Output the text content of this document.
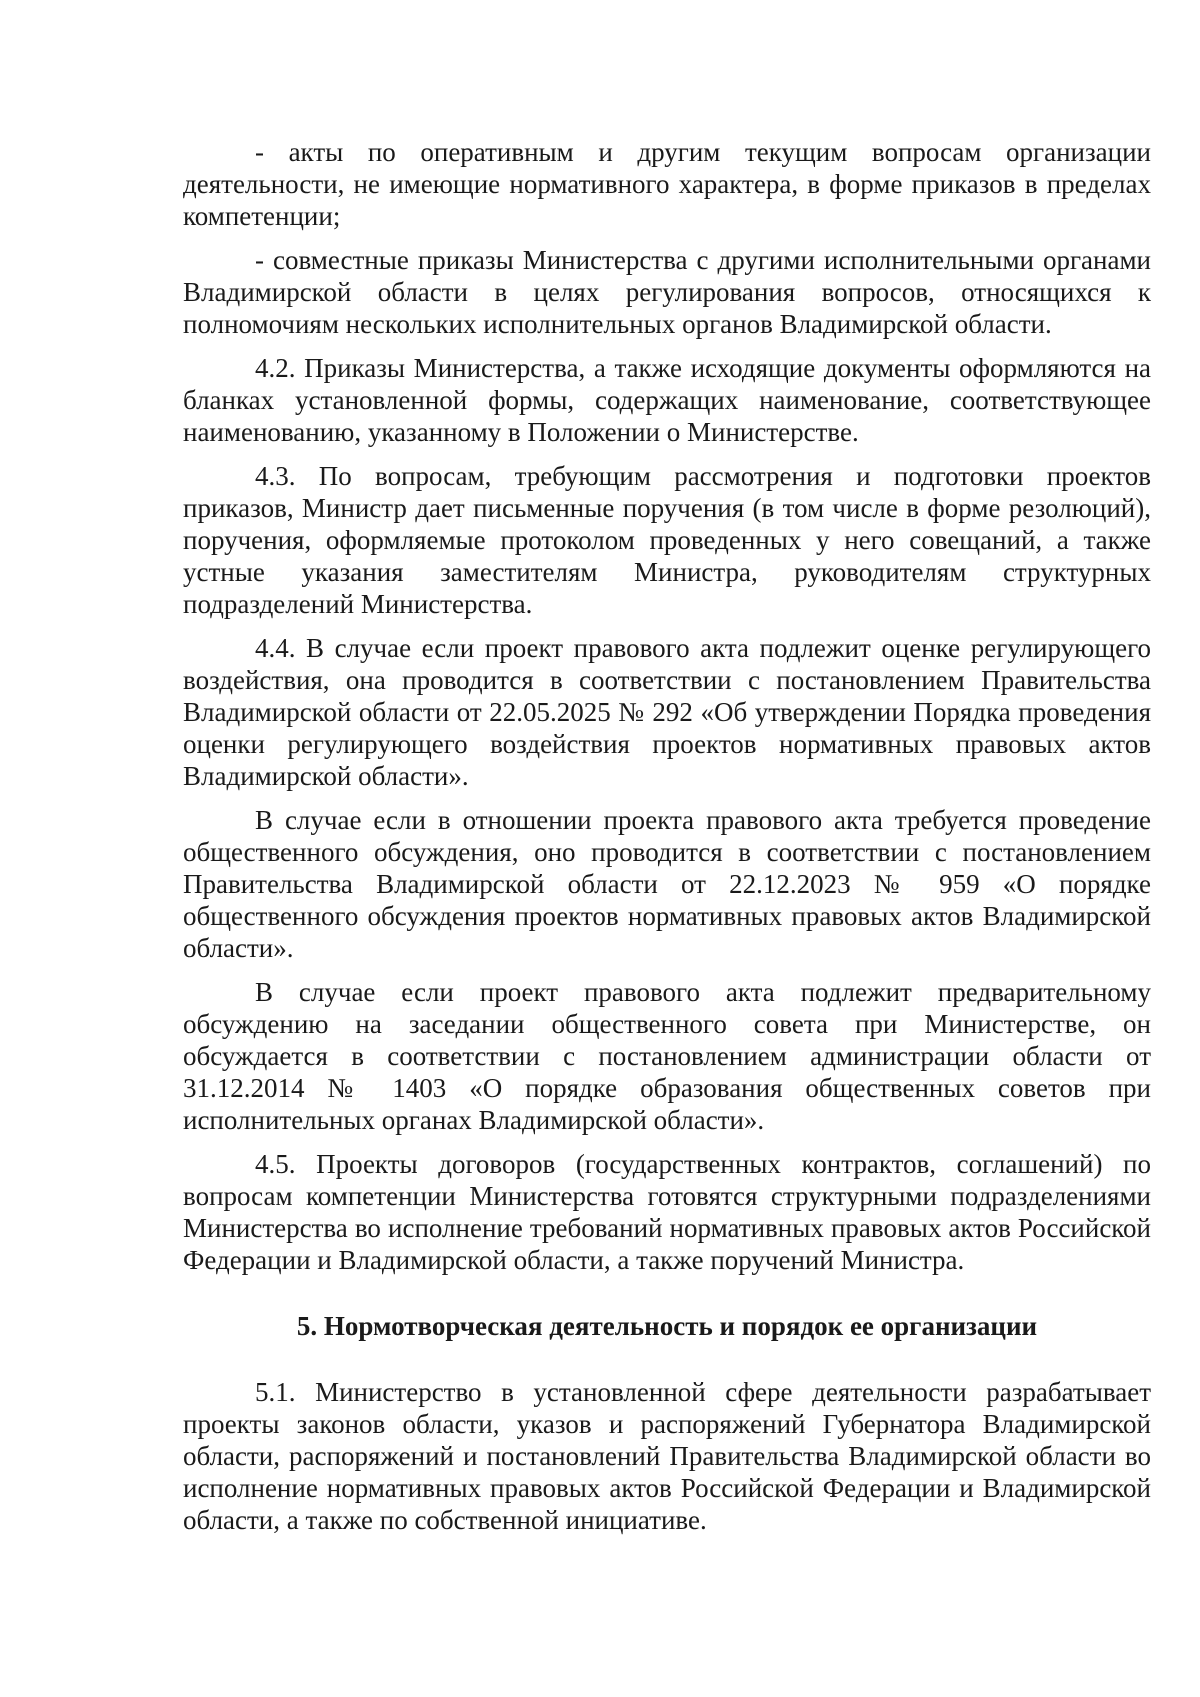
- акты по оперативным и другим текущим вопросам организации деятельности, не имеющие нормативного характера, в форме приказов в пределах компетенции;

- совместные приказы Министерства с другими исполнительными органами Владимирской области в целях регулирования вопросов, относящихся к полномочиям нескольких исполнительных органов Владимирской области.

4.2. Приказы Министерства, а также исходящие документы оформляются на бланках установленной формы, содержащих наименование, соответствующее наименованию, указанному в Положении о Министерстве.

4.3. По вопросам, требующим рассмотрения и подготовки проектов приказов, Министр дает письменные поручения (в том числе в форме резолюций), поручения, оформляемые протоколом проведенных у него совещаний, а также устные указания заместителям Министра, руководителям структурных подразделений Министерства.

4.4. В случае если проект правового акта подлежит оценке регулирующего воздействия, она проводится в соответствии с постановлением Правительства Владимирской области от 22.05.2025 № 292 «Об утверждении Порядка проведения оценки регулирующего воздействия проектов нормативных правовых актов Владимирской области».

В случае если в отношении проекта правового акта требуется проведение общественного обсуждения, оно проводится в соответствии с постановлением Правительства Владимирской области от 22.12.2023 № 959 «О порядке общественного обсуждения проектов нормативных правовых актов Владимирской области».

В случае если проект правового акта подлежит предварительному обсуждению на заседании общественного совета при Министерстве, он обсуждается в соответствии с постановлением администрации области от 31.12.2014 № 1403 «О порядке образования общественных советов при исполнительных органах Владимирской области».

4.5. Проекты договоров (государственных контрактов, соглашений) по вопросам компетенции Министерства готовятся структурными подразделениями Министерства во исполнение требований нормативных правовых актов Российской Федерации и Владимирской области, а также поручений Министра.

5. Нормотворческая деятельность и порядок ее организации

5.1. Министерство в установленной сфере деятельности разрабатывает проекты законов области, указов и распоряжений Губернатора Владимирской области, распоряжений и постановлений Правительства Владимирской области во исполнение нормативных правовых актов Российской Федерации и Владимирской области, а также по собственной инициативе.
